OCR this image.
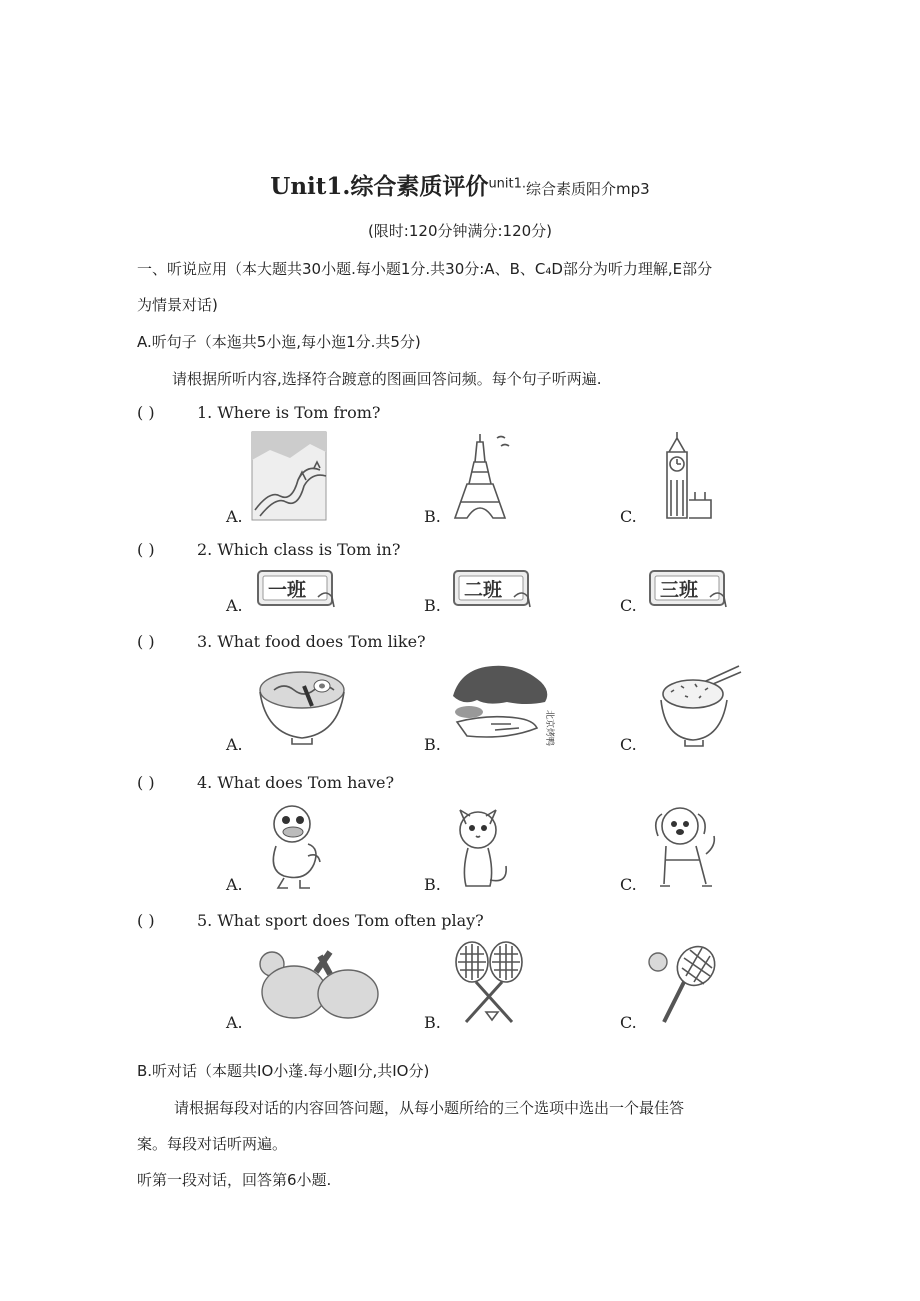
Unit1.综合素质评价$^{unit1.}$综合素质阳介mp3
(限时:120分钟满分:120分)
一、听说应用（本大题共30小题.每小题1分.共30分:A、B、C₄D部分为听力理解,E部分
为情景对话)
A.听句子（本迤共5小迤,每小迤1分.共5分)
请根据所听内容,选择符合踱意的图画回答问频。每个句子听两遍.
( )	1. Where is Tom from?
A.	B.	C.
( )	2. Which class is Tom in?
A.	B.	C.
一班	二班	三班
( )	3. What food does Tom like?
A.	B.	C.
北京烤鸭
( )	4. What does Tom have?
A.	B.	C.
( )	5. What sport does Tom often play?
A.	B.	C.
B.听对话（本题共IO小蓬.每小题I分,共IO分)
请根据每段对话的内容回答问题，从每小题所给的三个选项中选出一个最佳答
案。每段对话听两遍。
听第一段对话，回答第6小题.
